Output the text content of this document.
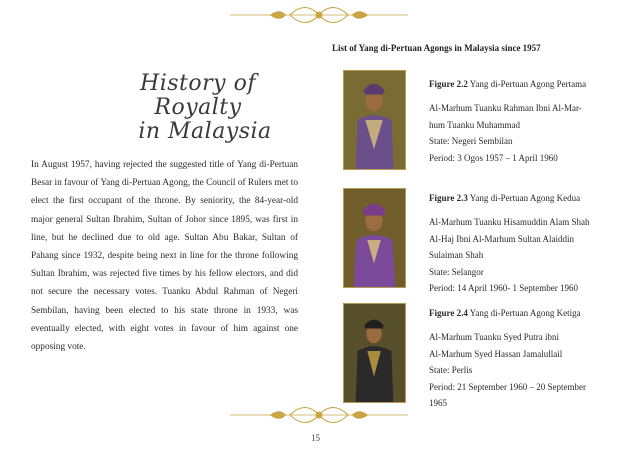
History of
Royalty
in Malaysia
In August 1957, having rejected the suggested title of Yang di-Pertuan Besar in favour of Yang di-Pertuan Agong, the Council of Rulers met to elect the first occupant of the throne. By seniority, the 84-year-old major general Sultan Ibrahim, Sultan of Johor since 1895, was first in line, but he declined due to old age. Sultan Abu Bakar, Sultan of Pahang since 1932, despite being next in line for the throne following Sultan Ibrahim, was rejected five times by his fellow electors, and did not secure the necessary votes. Tuanku Abdul Rahman of Negeri Sembilan, having been elected to his state throne in 1933, was eventually elected, with eight votes in favour of him against one opposing vote.
List of Yang di-Pertuan Agongs in Malaysia since 1957
Figure 2.2 Yang di-Pertuan Agong Pertama
Al-Marhum Tuanku Rahman Ibni Al-Mar-
hum Tuanku Muhammad
State: Negeri Sembilan
Period: 3 Ogos 1957 – 1 April 1960
Figure 2.3 Yang di-Pertuan Agong Kedua
Al-Marhum Tuanku Hisamuddin Alam Shah
Al-Haj Ibni Al-Marhum Sultan Alaiddin
Sulaiman Shah
State: Selangor
Period: 14 April 1960- 1 September 1960
Figure 2.4 Yang di-Pertuan Agong Ketiga
Al-Marhum Tuanku Syed Putra ibni
Al-Marhum Syed Hassan Jamalullail
State: Perlis
Period: 21 September 1960 – 20 September
1965
15
